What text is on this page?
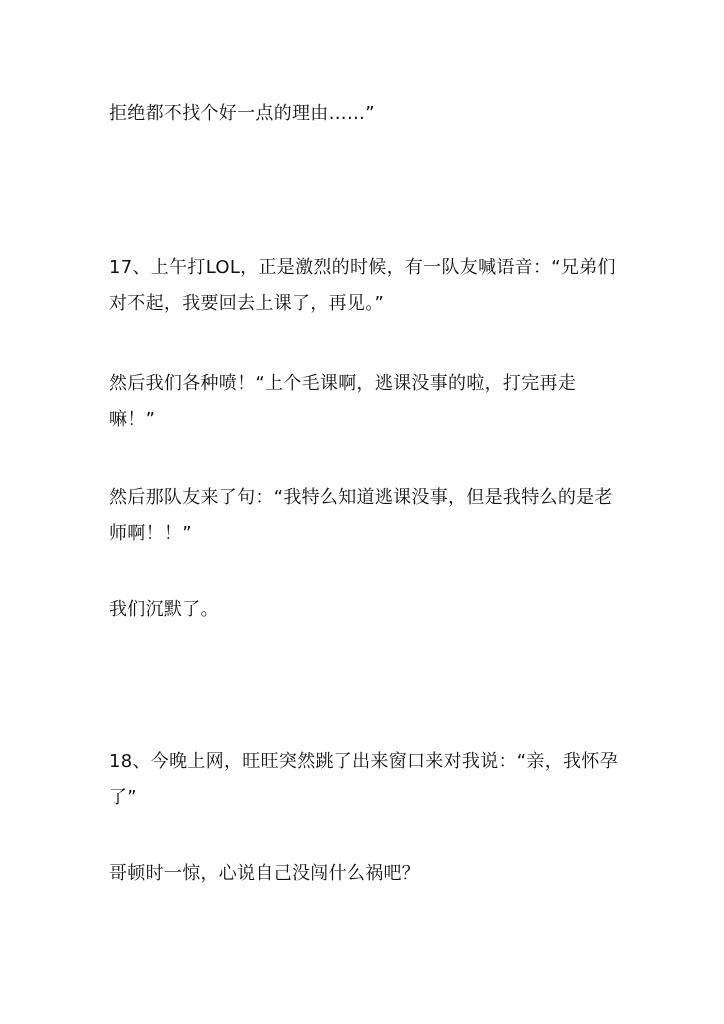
拒绝都不找个好一点的理由……”

17、上午打LOL，正是激烈的时候，有一队友喊语音：“兄弟们对不起，我要回去上课了，再见。”

然后我们各种喷！“上个毛课啊，逃课没事的啦，打完再走嘛！”

然后那队友来了句：“我特么知道逃课没事，但是我特么的是老师啊！！”

我们沉默了。

18、今晚上网，旺旺突然跳了出来窗口来对我说：“亲，我怀孕了”

哥顿时一惊，心说自己没闯什么祸吧？
